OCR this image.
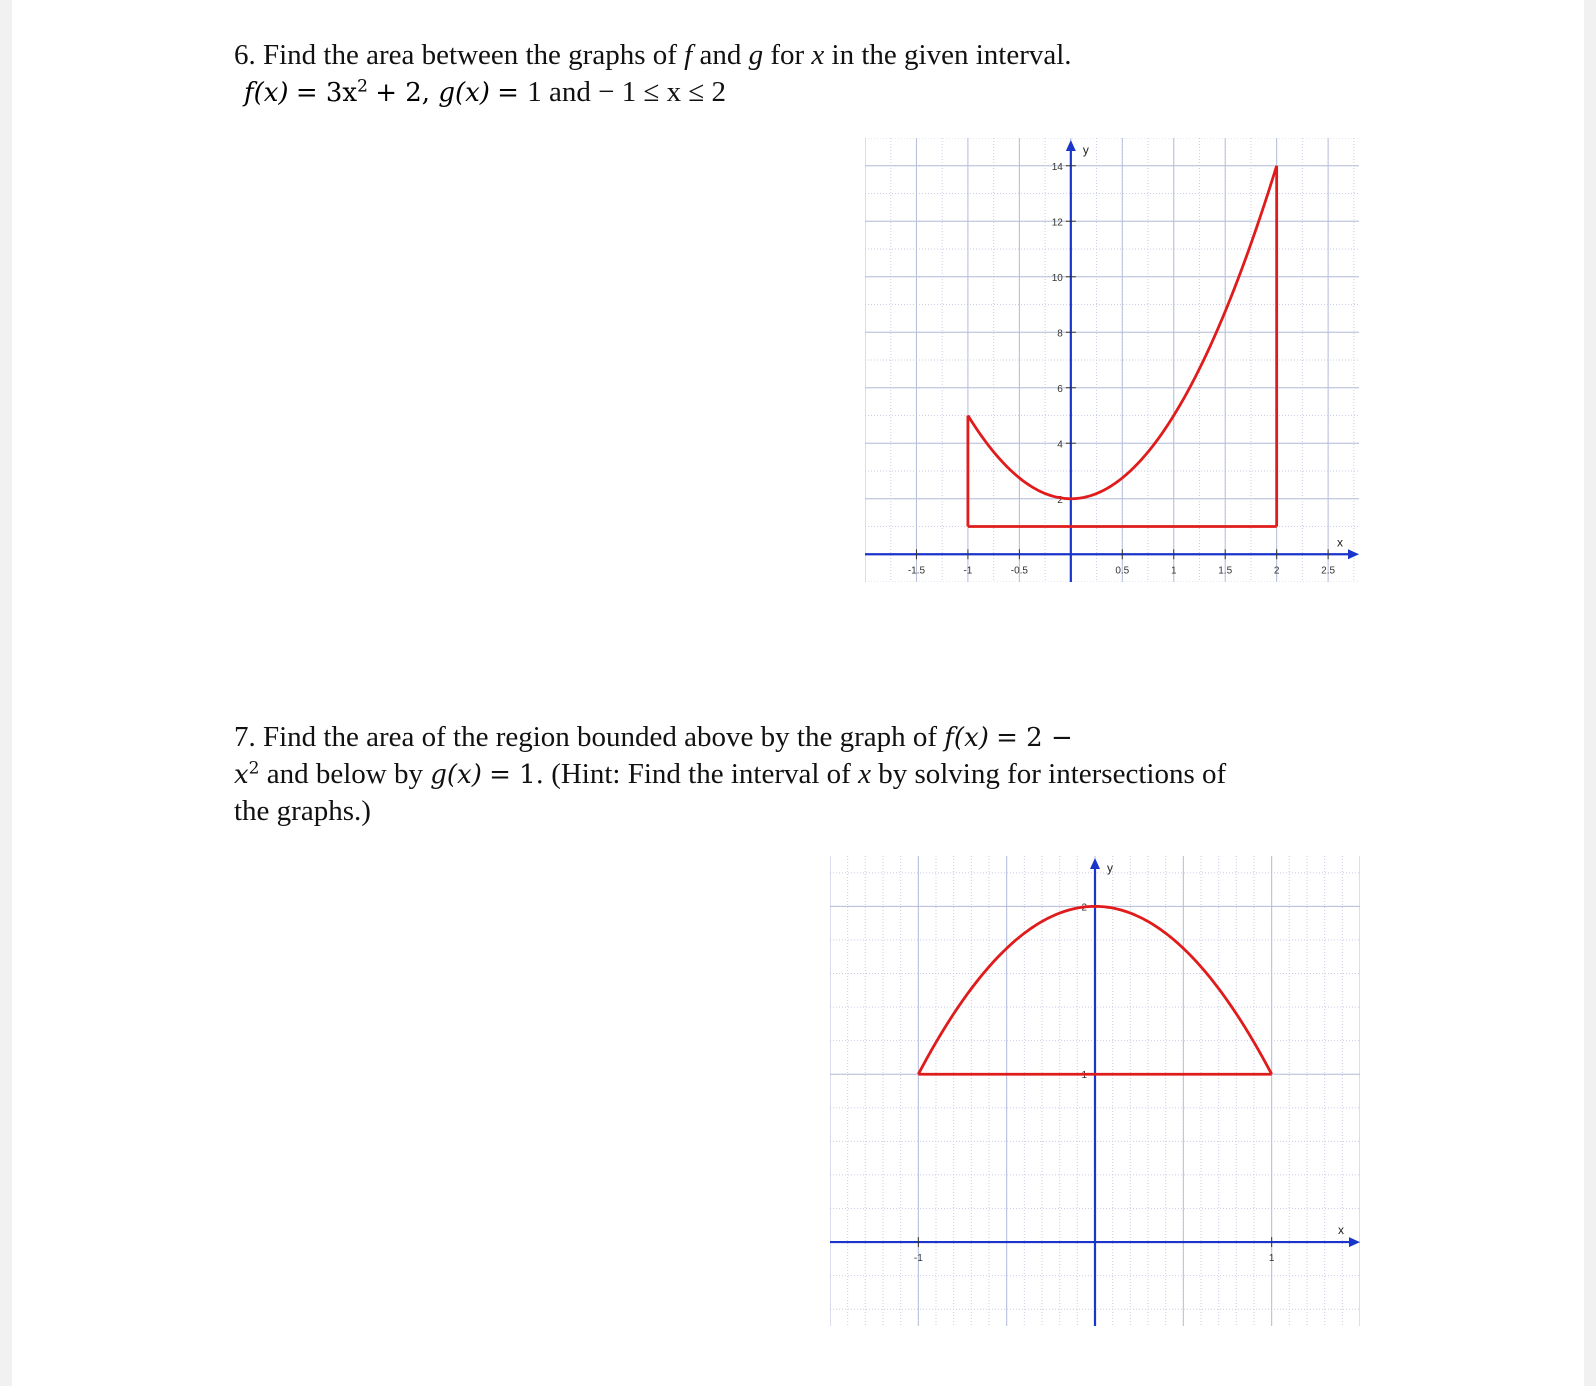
6. Find the area between the graphs of f and g for x in the given interval.
$f(x) = 3x^2 + 2$, g(x) = 1 and − 1 ≤ x ≤ 2
x
y
-1.5	-1	-0.5	0.5	1	1.5	2	2.5
2
4
6
8
10
12
14
7. Find the area of the region bounded above by the graph of f(x) = 2 −
$x^2$ and below by g(x) = 1. (Hint: Find the interval of x by solving for intersections of
the graphs.)
x
y
-1	1
2
1
